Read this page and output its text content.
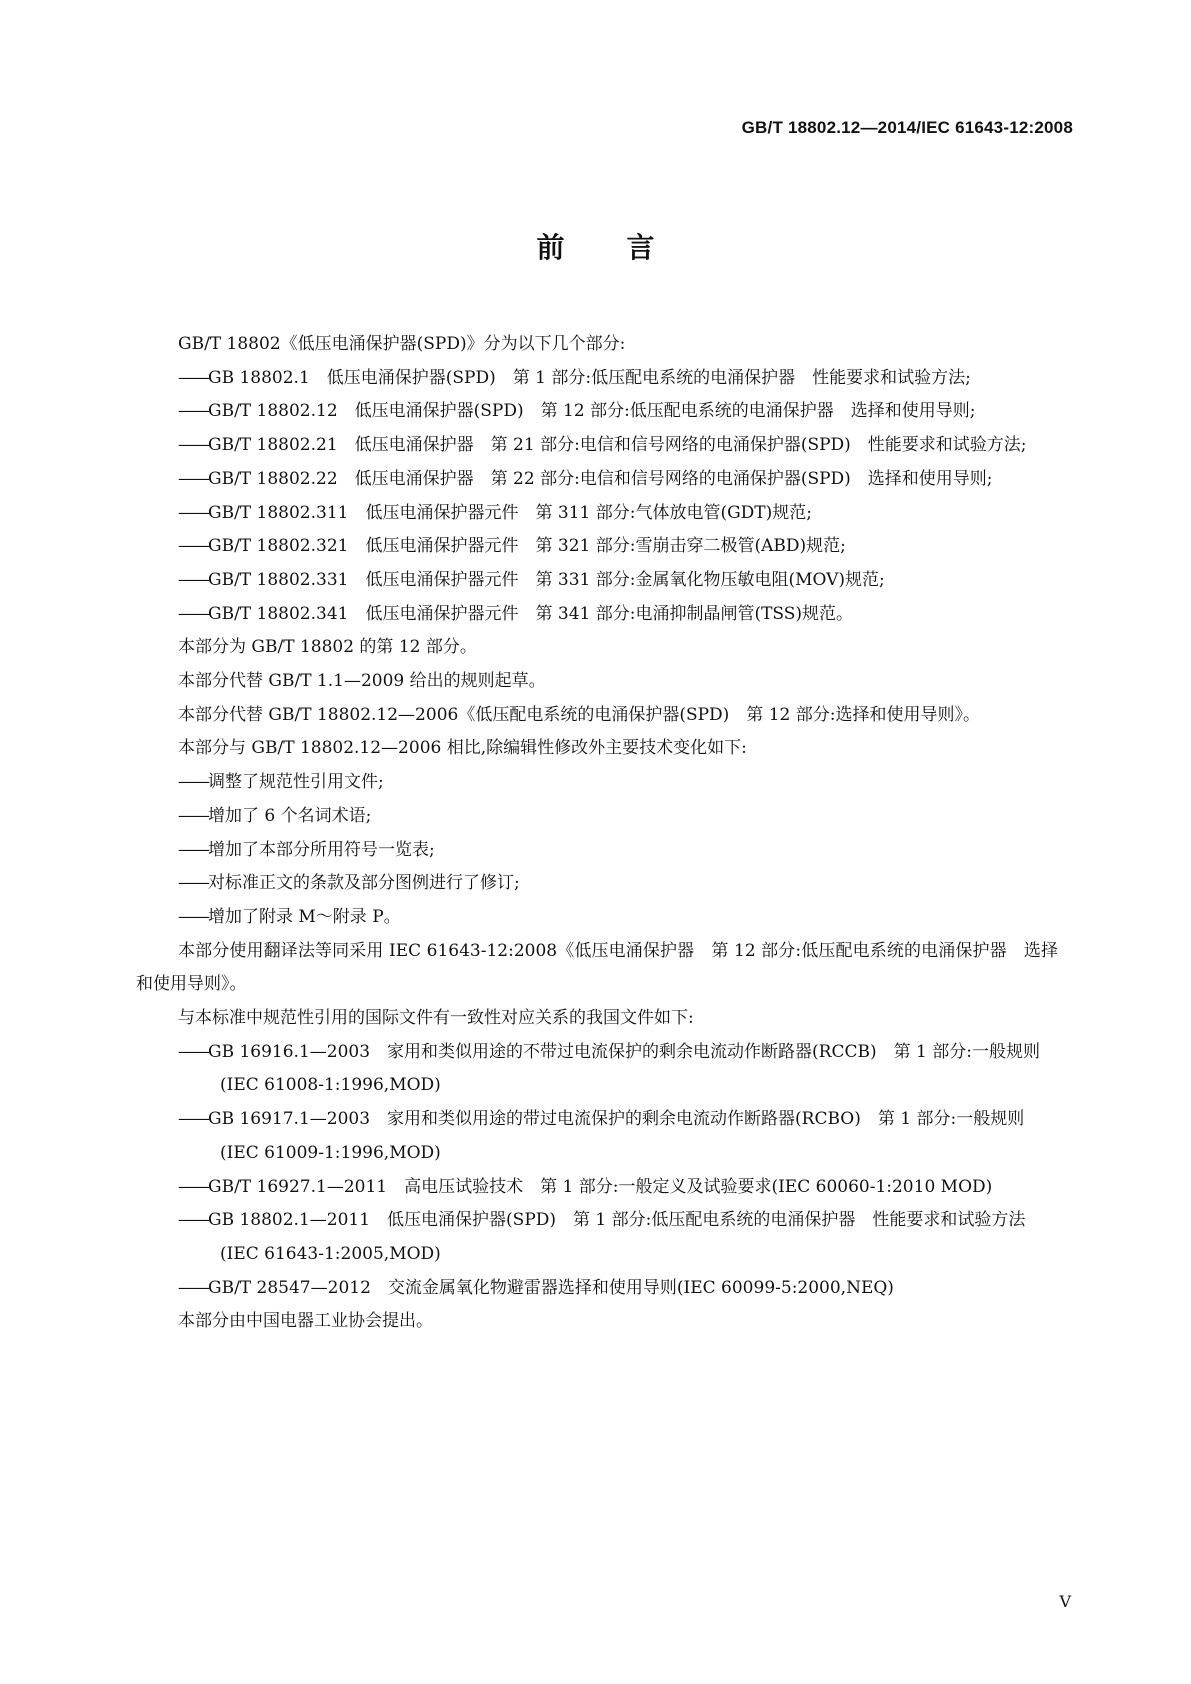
GB/T 18802.12—2014/IEC 61643-12:2008
前 言
GB/T 18802《低压电涌保护器(SPD)》分为以下几个部分:
——GB 18802.1　低压电涌保护器(SPD)　第 1 部分:低压配电系统的电涌保护器　性能要求和试验方法;
——GB/T 18802.12　低压电涌保护器(SPD)　第 12 部分:低压配电系统的电涌保护器　选择和使用导则;
——GB/T 18802.21　低压电涌保护器　第 21 部分:电信和信号网络的电涌保护器(SPD)　性能要求和试验方法;
——GB/T 18802.22　低压电涌保护器　第 22 部分:电信和信号网络的电涌保护器(SPD)　选择和使用导则;
——GB/T 18802.311　低压电涌保护器元件　第 311 部分:气体放电管(GDT)规范;
——GB/T 18802.321　低压电涌保护器元件　第 321 部分:雪崩击穿二极管(ABD)规范;
——GB/T 18802.331　低压电涌保护器元件　第 331 部分:金属氧化物压敏电阻(MOV)规范;
——GB/T 18802.341　低压电涌保护器元件　第 341 部分:电涌抑制晶闸管(TSS)规范。
本部分为 GB/T 18802 的第 12 部分。
本部分代替 GB/T 1.1—2009 给出的规则起草。
本部分代替 GB/T 18802.12—2006《低压配电系统的电涌保护器(SPD)　第 12 部分:选择和使用导则》。
本部分与 GB/T 18802.12—2006 相比,除编辑性修改外主要技术变化如下:
——调整了规范性引用文件;
——增加了 6 个名词术语;
——增加了本部分所用符号一览表;
——对标准正文的条款及部分图例进行了修订;
——增加了附录 M～附录 P。
本部分使用翻译法等同采用 IEC 61643-12:2008《低压电涌保护器　第 12 部分:低压配电系统的电涌保护器　选择和使用导则》。
与本标准中规范性引用的国际文件有一致性对应关系的我国文件如下:
——GB 16916.1—2003　家用和类似用途的不带过电流保护的剩余电流动作断路器(RCCB)　第 1 部分:一般规则(IEC 61008-1:1996,MOD)
——GB 16917.1—2003　家用和类似用途的带过电流保护的剩余电流动作断路器(RCBO)　第 1 部分:一般规则(IEC 61009-1:1996,MOD)
——GB/T 16927.1—2011　高电压试验技术　第 1 部分:一般定义及试验要求(IEC 60060-1:2010 MOD)
——GB 18802.1—2011　低压电涌保护器(SPD)　第 1 部分:低压配电系统的电涌保护器　性能要求和试验方法(IEC 61643-1:2005,MOD)
——GB/T 28547—2012　交流金属氧化物避雷器选择和使用导则(IEC 60099-5:2000,NEQ)
本部分由中国电器工业协会提出。
V
